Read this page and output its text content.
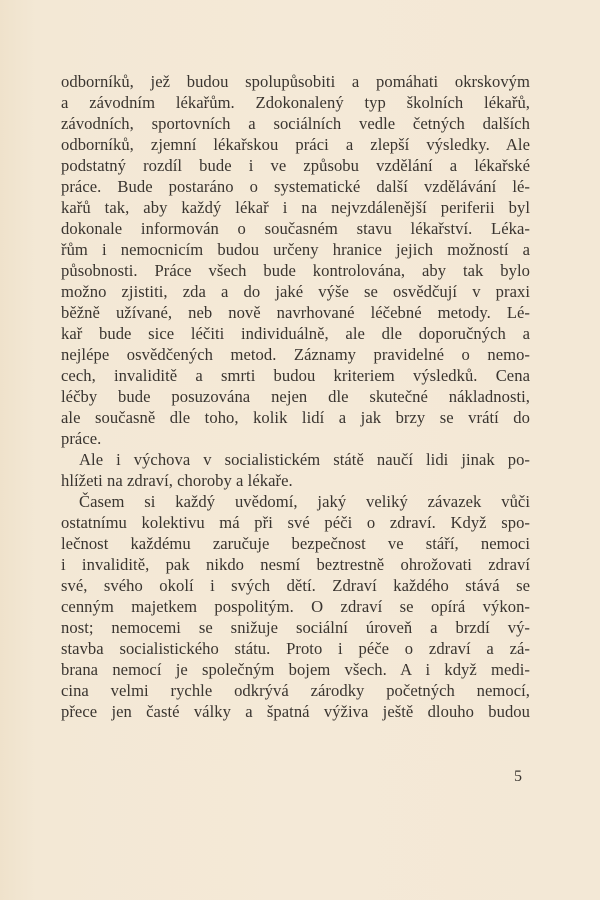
odborníků, jež budou spolupůsobiti a pomáhati okrskovým
a závodním lékařům. Zdokonalený typ školních lékařů,
závodních, sportovních a sociálních vedle četných dalších
odborníků, zjemní lékařskou práci a zlepší výsledky. Ale
podstatný rozdíl bude i ve způsobu vzdělání a lékařské
práce. Bude postaráno o systematické další vzdělávání lé-
kařů tak, aby každý lékař i na nejvzdálenější periferii byl
dokonale informován o současném stavu lékařství. Léka-
řům i nemocnicím budou určeny hranice jejich možností a
působnosti. Práce všech bude kontrolována, aby tak bylo
možno zjistiti, zda a do jaké výše se osvědčují v praxi
běžně užívané, neb nově navrhované léčebné metody. Lé-
kař bude sice léčiti individuálně, ale dle doporučných a
nejlépe osvědčených metod. Záznamy pravidelné o nemo-
cech, invaliditě a smrti budou kriteriem výsledků. Cena
léčby bude posuzována nejen dle skutečné nákladnosti,
ale současně dle toho, kolik lidí a jak brzy se vrátí do
práce.
Ale i výchova v socialistickém státě naučí lidi jinak po-
hlížeti na zdraví, choroby a lékaře.
Časem si každý uvědomí, jaký veliký závazek vůči
ostatnímu kolektivu má při své péči o zdraví. Když spo-
lečnost každému zaručuje bezpečnost ve stáří, nemoci
i invaliditě, pak nikdo nesmí beztrestně ohrožovati zdraví
své, svého okolí i svých dětí. Zdraví každého stává se
cenným majetkem pospolitým. O zdraví se opírá výkon-
nost; nemocemi se snižuje sociální úroveň a brzdí vý-
stavba socialistického státu. Proto i péče o zdraví a zá-
brana nemocí je společným bojem všech. A i když medi-
cina velmi rychle odkrývá zárodky početných nemocí,
přece jen časté války a špatná výživa ještě dlouho budou
5
